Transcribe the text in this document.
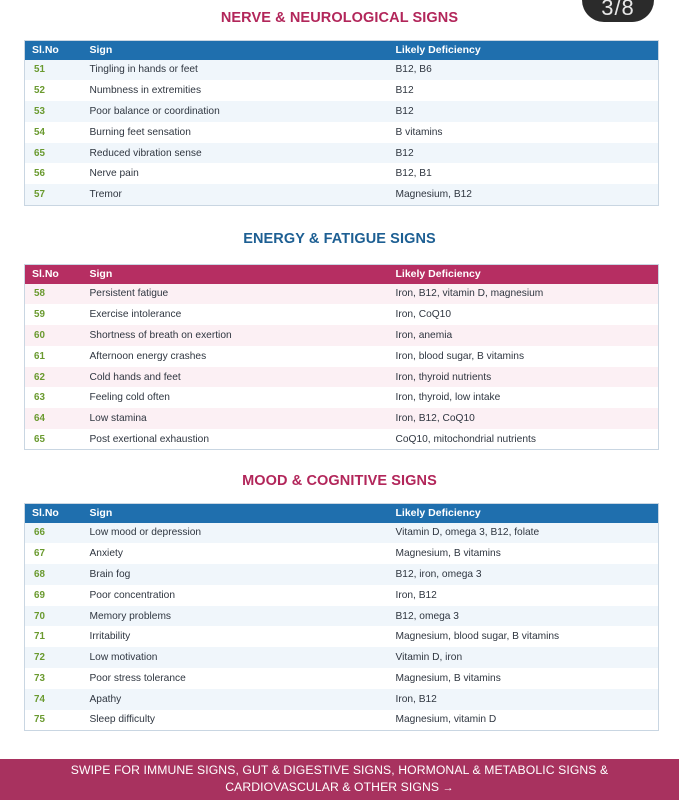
3/8
NERVE & NEUROLOGICAL SIGNS
Sl.No	Sign	Likely Deficiency
51	Tingling in hands or feet	B12, B6
52	Numbness in extremities	B12
53	Poor balance or coordination	B12
54	Burning feet sensation	B vitamins
65	Reduced vibration sense	B12
56	Nerve pain	B12, B1
57	Tremor	Magnesium, B12
ENERGY & FATIGUE SIGNS
Sl.No	Sign	Likely Deficiency
58	Persistent fatigue	Iron, B12, vitamin D, magnesium
59	Exercise intolerance	Iron, CoQ10
60	Shortness of breath on exertion	Iron, anemia
61	Afternoon energy crashes	Iron, blood sugar, B vitamins
62	Cold hands and feet	Iron, thyroid nutrients
63	Feeling cold often	Iron, thyroid, low intake
64	Low stamina	Iron, B12, CoQ10
65	Post exertional exhaustion	CoQ10, mitochondrial nutrients
MOOD & COGNITIVE SIGNS
Sl.No	Sign	Likely Deficiency
66	Low mood or depression	Vitamin D, omega 3, B12, folate
67	Anxiety	Magnesium, B vitamins
68	Brain fog	B12, iron, omega 3
69	Poor concentration	Iron, B12
70	Memory problems	B12, omega 3
71	Irritability	Magnesium, blood sugar, B vitamins
72	Low motivation	Vitamin D, iron
73	Poor stress tolerance	Magnesium, B vitamins
74	Apathy	Iron, B12
75	Sleep difficulty	Magnesium, vitamin D
SWIPE FOR IMMUNE SIGNS, GUT & DIGESTIVE SIGNS, HORMONAL & METABOLIC SIGNS &
CARDIOVASCULAR & OTHER SIGNS →
